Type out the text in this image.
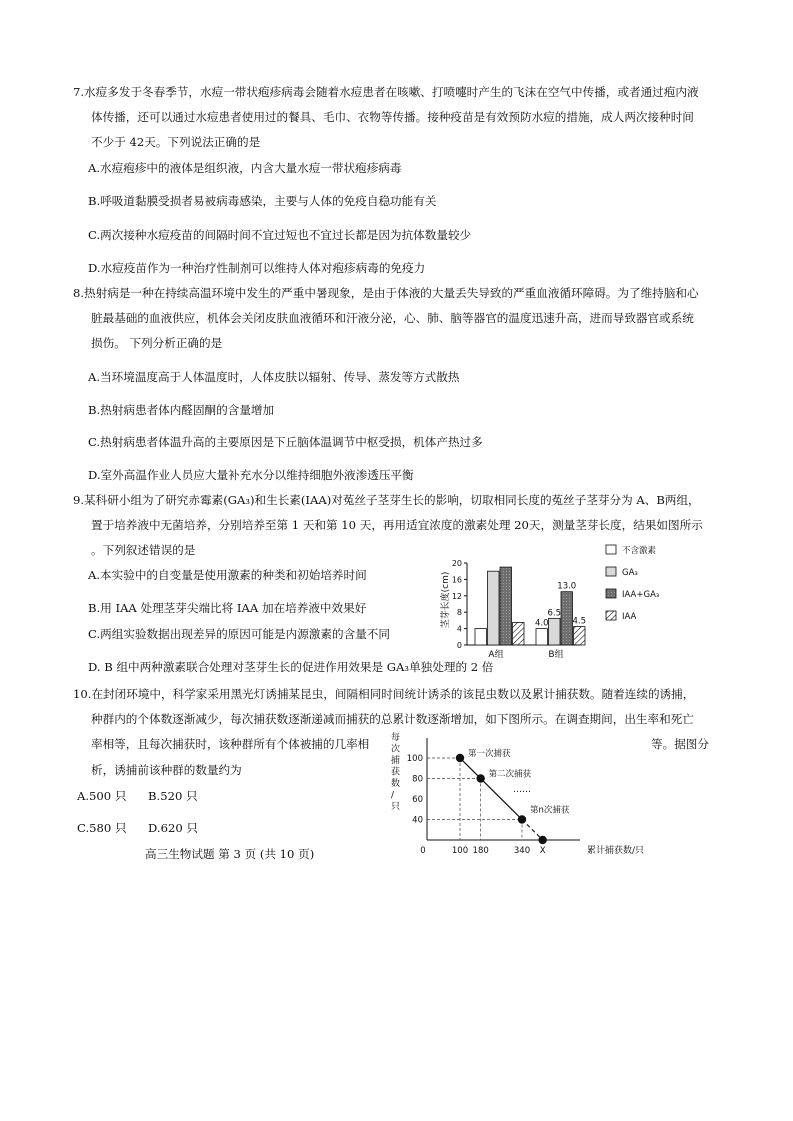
7.水痘多发于冬春季节，水痘一带状疱疹病毒会随着水痘患者在咳嗽、打喷嚏时产生的飞沫在空气中传播，或者通过疱内液
体传播，还可以通过水痘患者使用过的餐具、毛巾、衣物等传播。接种疫苗是有效预防水痘的措施，成人两次接种时间
不少于 42天。下列说法正确的是
A.水痘疱疹中的液体是组织液，内含大量水痘一带状疱疹病毒
B.呼吸道黏膜受损者易被病毒感染，主要与人体的免疫自稳功能有关
C.两次接种水痘疫苗的间隔时间不宜过短也不宜过长都是因为抗体数量较少
D.水痘疫苗作为一种治疗性制剂可以维持人体对疱疹病毒的免疫力
8.热射病是一种在持续高温环境中发生的严重中暑现象，是由于体液的大量丢失导致的严重血液循环障碍。为了维持脑和心
脏最基础的血液供应，机体会关闭皮肤血液循环和汗液分泌，心、肺、脑等器官的温度迅速升高，进而导致器官或系统
损伤。 下列分析正确的是
A.当环境温度高于人体温度时，人体皮肤以辐射、传导、蒸发等方式散热
B.热射病患者体内醛固酮的含量增加
C.热射病患者体温升高的主要原因是下丘脑体温调节中枢受损，机体产热过多
D.室外高温作业人员应大量补充水分以维持细胞外液渗透压平衡
9.某科研小组为了研究赤霉素(GA₃)和生长素(IAA)对菟丝子茎芽生长的影响，切取相同长度的菟丝子茎芽分为 A、B两组，
置于培养液中无菌培养，分别培养至第 1 天和第 10 天，再用适宜浓度的激素处理 20天，测量茎芽长度，结果如图所示
。下列叙述错误的是
A.本实验中的自变量是使用激素的种类和初始培养时间
B.用 IAA 处理茎芽尖端比将 IAA 加在培养液中效果好
C.两组实验数据出现差异的原因可能是内源激素的含量不同
D. B 组中两种激素联合处理对茎芽生长的促进作用效果是 GA₃单独处理的 2 倍
茎芽长度(cm)
20
16
12
8
4
0
4.0
6.5
13.0
4.5
A组	B组
不含激素
GA₃
IAA+GA₃
IAA
10.在封闭环境中，科学家采用黑光灯诱捕某昆虫，间隔相同时间统计诱杀的该昆虫数以及累计捕获数。随着连续的诱捕，
种群内的个体数逐渐减少，每次捕获数逐渐递减而捕获的总累计数逐渐增加，如下图所示。在调查期间，出生率和死亡
率相等，且每次捕获时，该种群所有个体被捕的几率相	等。据图分
析，诱捕前该种群的数量约为
A.500 只 B.520 只
C.580 只 D.620 只
高三生物试题 第 3 页 (共 10 页)
每
次
捕
获
数
/
只
100
80
60
40
0	100 180	340 X
第一次捕获
第二次捕获
第n次捕获
……
累计捕获数/只
